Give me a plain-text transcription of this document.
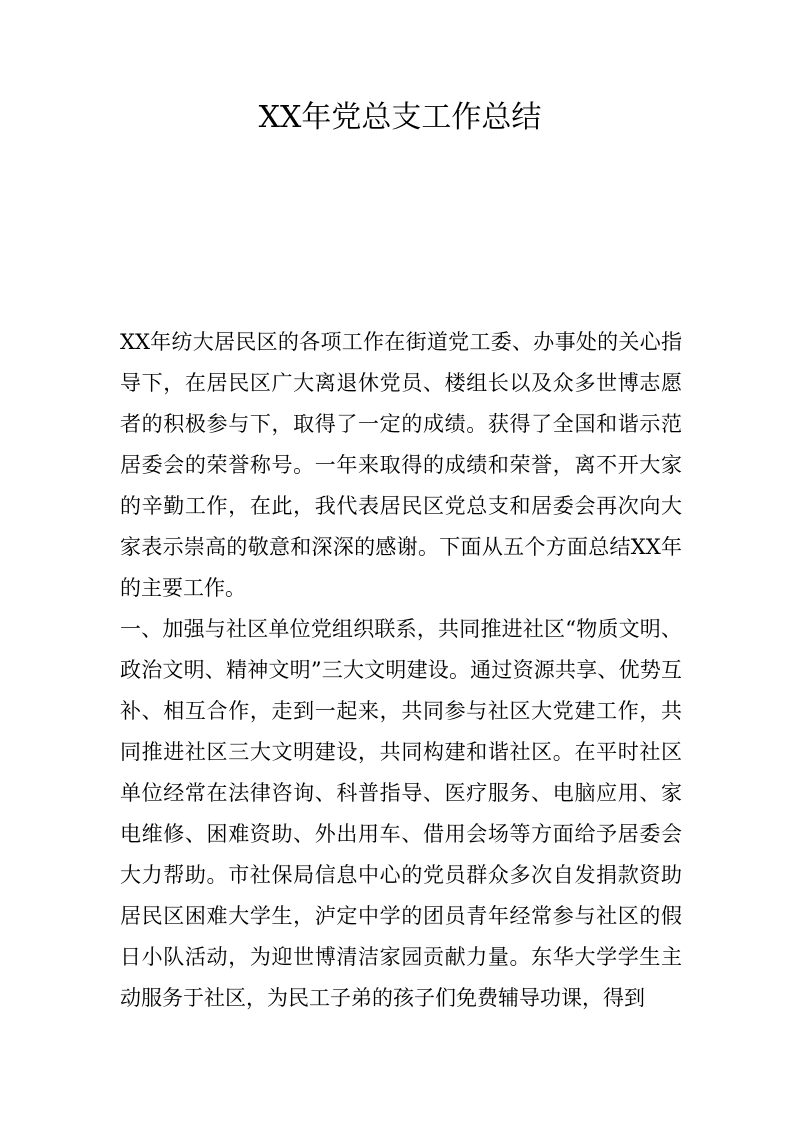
XX年党总支工作总结

XX年纺大居民区的各项工作在街道党工委、办事处的关心指导下，在居民区广大离退休党员、楼组长以及众多世博志愿者的积极参与下，取得了一定的成绩。获得了全国和谐示范居委会的荣誉称号。一年来取得的成绩和荣誉，离不开大家的辛勤工作，在此，我代表居民区党总支和居委会再次向大家表示崇高的敬意和深深的感谢。下面从五个方面总结XX年的主要工作。

一、加强与社区单位党组织联系，共同推进社区“物质文明、政治文明、精神文明”三大文明建设。通过资源共享、优势互补、相互合作，走到一起来，共同参与社区大党建工作，共同推进社区三大文明建设，共同构建和谐社区。在平时社区单位经常在法律咨询、科普指导、医疗服务、电脑应用、家电维修、困难资助、外出用车、借用会场等方面给予居委会大力帮助。市社保局信息中心的党员群众多次自发捐款资助居民区困难大学生，泸定中学的团员青年经常参与社区的假日小队活动，为迎世博清洁家园贡献力量。东华大学学生主动服务于社区，为民工子弟的孩子们免费辅导功课，得到
